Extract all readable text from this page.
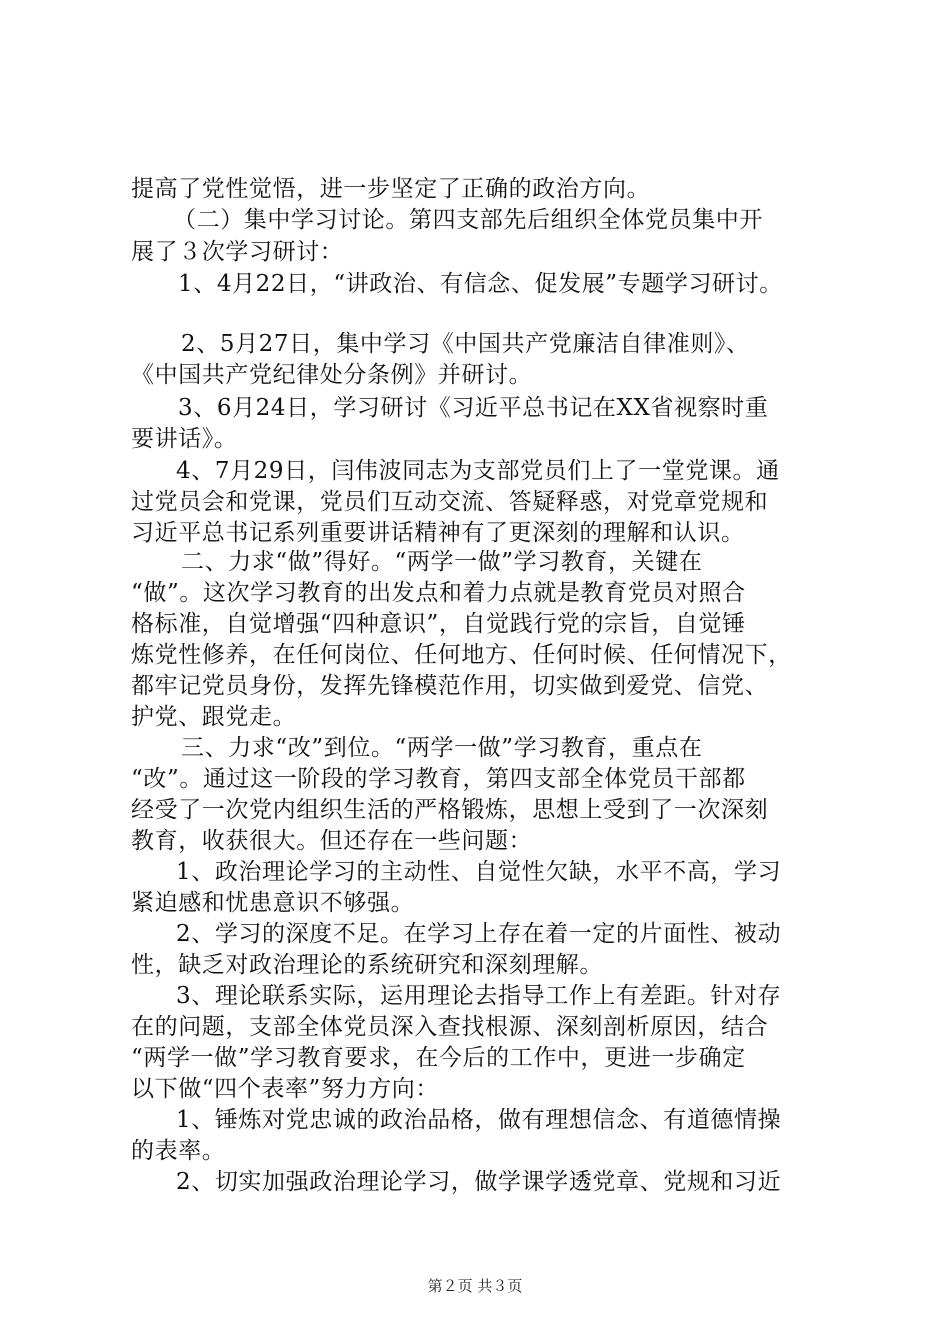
提高了党性觉悟，进一步坚定了正确的政治方向。
（二）集中学习讨论。第四支部先后组织全体党员集中开
展了３次学习研讨：
1、4月22日，“讲政治、有信念、促发展”专题学习研讨。
2、5月27日，集中学习《中国共产党廉洁自律准则》、
《中国共产党纪律处分条例》并研讨。
3、6月24日，学习研讨《习近平总书记在XX省视察时重
要讲话》。
4、7月29日，闫伟波同志为支部党员们上了一堂党课。通
过党员会和党课，党员们互动交流、答疑释惑，对党章党规和
习近平总书记系列重要讲话精神有了更深刻的理解和认识。
二、力求“做”得好。“两学一做”学习教育，关键在
“做”。这次学习教育的出发点和着力点就是教育党员对照合
格标准，自觉增强“四种意识”，自觉践行党的宗旨，自觉锤
炼党性修养，在任何岗位、任何地方、任何时候、任何情况下，
都牢记党员身份，发挥先锋模范作用，切实做到爱党、信党、
护党、跟党走。
三、力求“改”到位。“两学一做”学习教育，重点在
“改”。通过这一阶段的学习教育，第四支部全体党员干部都
经受了一次党内组织生活的严格锻炼，思想上受到了一次深刻
教育，收获很大。但还存在一些问题：
1、政治理论学习的主动性、自觉性欠缺，水平不高，学习
紧迫感和忧患意识不够强。
2、学习的深度不足。在学习上存在着一定的片面性、被动
性，缺乏对政治理论的系统研究和深刻理解。
3、理论联系实际，运用理论去指导工作上有差距。针对存
在的问题，支部全体党员深入查找根源、深刻剖析原因，结合
“两学一做”学习教育要求，在今后的工作中，更进一步确定
以下做“四个表率”努力方向：
1、锤炼对党忠诚的政治品格，做有理想信念、有道德情操
的表率。
2、切实加强政治理论学习，做学课学透党章、党规和习近
第２页 共３页
